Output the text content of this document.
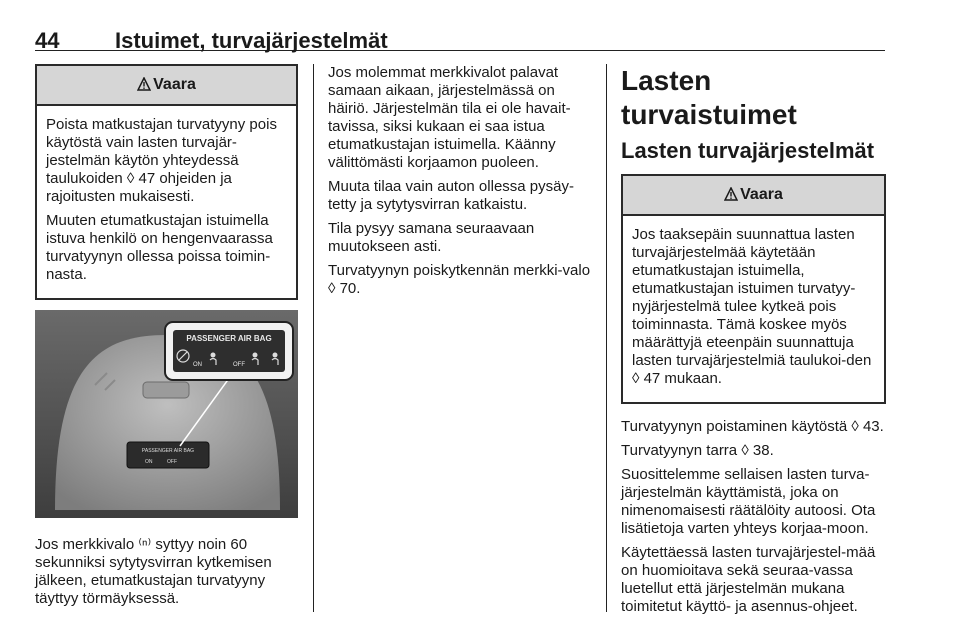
44	Istuimet, turvajärjestelmät
Vaara

Poista matkustajan turvatyyny pois käytöstä vain lasten turvajär-jestelmän käytön yhteydessä taulukoiden ◊ 47 ohjeiden ja rajoitusten mukaisesti.

Muuten etumatkustajan istuimella istuva henkilö on hengenvaarassa turvatyynyn ollessa poissa toimin-nasta.

PASSENGER AIR BAG
ON	OFF
PASSENGER AIR BAG
ON	OFF

Jos merkkivalo ⁽ⁿ⁾ syttyy noin 60 sekunniksi sytytysvirran kytkemisen jälkeen, etumatkustajan turvatyyny täyttyy törmäyksessä.

Jos molemmat merkkivalot palavat samaan aikaan, järjestelmässä on häiriö. Järjestelmän tila ei ole havait-tavissa, siksi kukaan ei saa istua etumatkustajan istuimella. Käänny välittömästi korjaamon puoleen.

Muuta tilaa vain auton ollessa pysäy-tetty ja sytytysvirran katkaistu.

Tila pysyy samana seuraavaan muutokseen asti.

Turvatyynyn poiskytkennän merkki-valo ◊ 70.

Lasten turvaistuimet
Lasten turvajärjestelmät
Vaara

Jos taaksepäin suunnattua lasten turvajärjestelmää käytetään etumatkustajan istuimella, etumatkustajan istuimen turvatyy-nyjärjestelmä tulee kytkeä pois toiminnasta. Tämä koskee myös määrättyjä eteenpäin suunnattuja lasten turvajärjestelmiä taulukoi-den ◊ 47 mukaan.

Turvatyynyn poistaminen käytöstä ◊ 43.

Turvatyynyn tarra ◊ 38.

Suosittelemme sellaisen lasten turva-järjestelmän käyttämistä, joka on nimenomaisesti räätälöity autoosi. Ota lisätietoja varten yhteys korjaa-moon.

Käytettäessä lasten turvajärjestel-mää on huomioitava sekä seuraa-vassa luetellut että järjestelmän mukana toimitetut käyttö- ja asennus-ohjeet.
